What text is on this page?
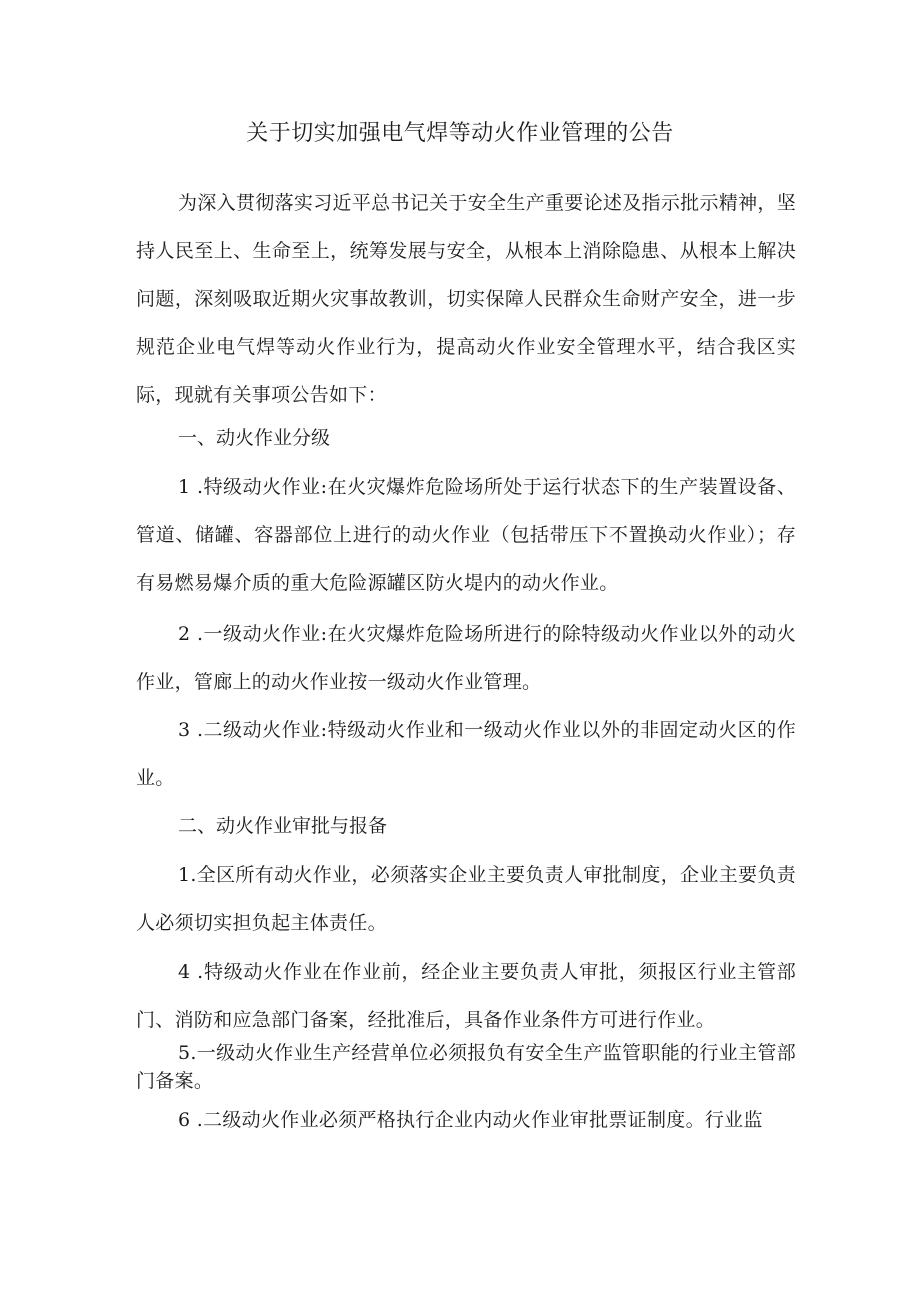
关于切实加强电气焊等动火作业管理的公告
为深入贯彻落实习近平总书记关于安全生产重要论述及指示批示精神，坚持人民至上、生命至上，统筹发展与安全，从根本上消除隐患、从根本上解决问题，深刻吸取近期火灾事故教训，切实保障人民群众生命财产安全，进一步规范企业电气焊等动火作业行为，提高动火作业安全管理水平，结合我区实际，现就有关事项公告如下：
一、动火作业分级
1 .特级动火作业:在火灾爆炸危险场所处于运行状态下的生产装置设备、管道、储罐、容器部位上进行的动火作业（包括带压下不置换动火作业）；存有易燃易爆介质的重大危险源罐区防火堤内的动火作业。
2 .一级动火作业:在火灾爆炸危险场所进行的除特级动火作业以外的动火作业，管廊上的动火作业按一级动火作业管理。
3 .二级动火作业:特级动火作业和一级动火作业以外的非固定动火区的作业。
二、动火作业审批与报备
1.全区所有动火作业，必须落实企业主要负责人审批制度，企业主要负责人必须切实担负起主体责任。
4 .特级动火作业在作业前，经企业主要负责人审批，须报区行业主管部门、消防和应急部门备案，经批准后，具备作业条件方可进行作业。
5.一级动火作业生产经营单位必须报负有安全生产监管职能的行业主管部门备案。
6 .二级动火作业必须严格执行企业内动火作业审批票证制度。行业监
